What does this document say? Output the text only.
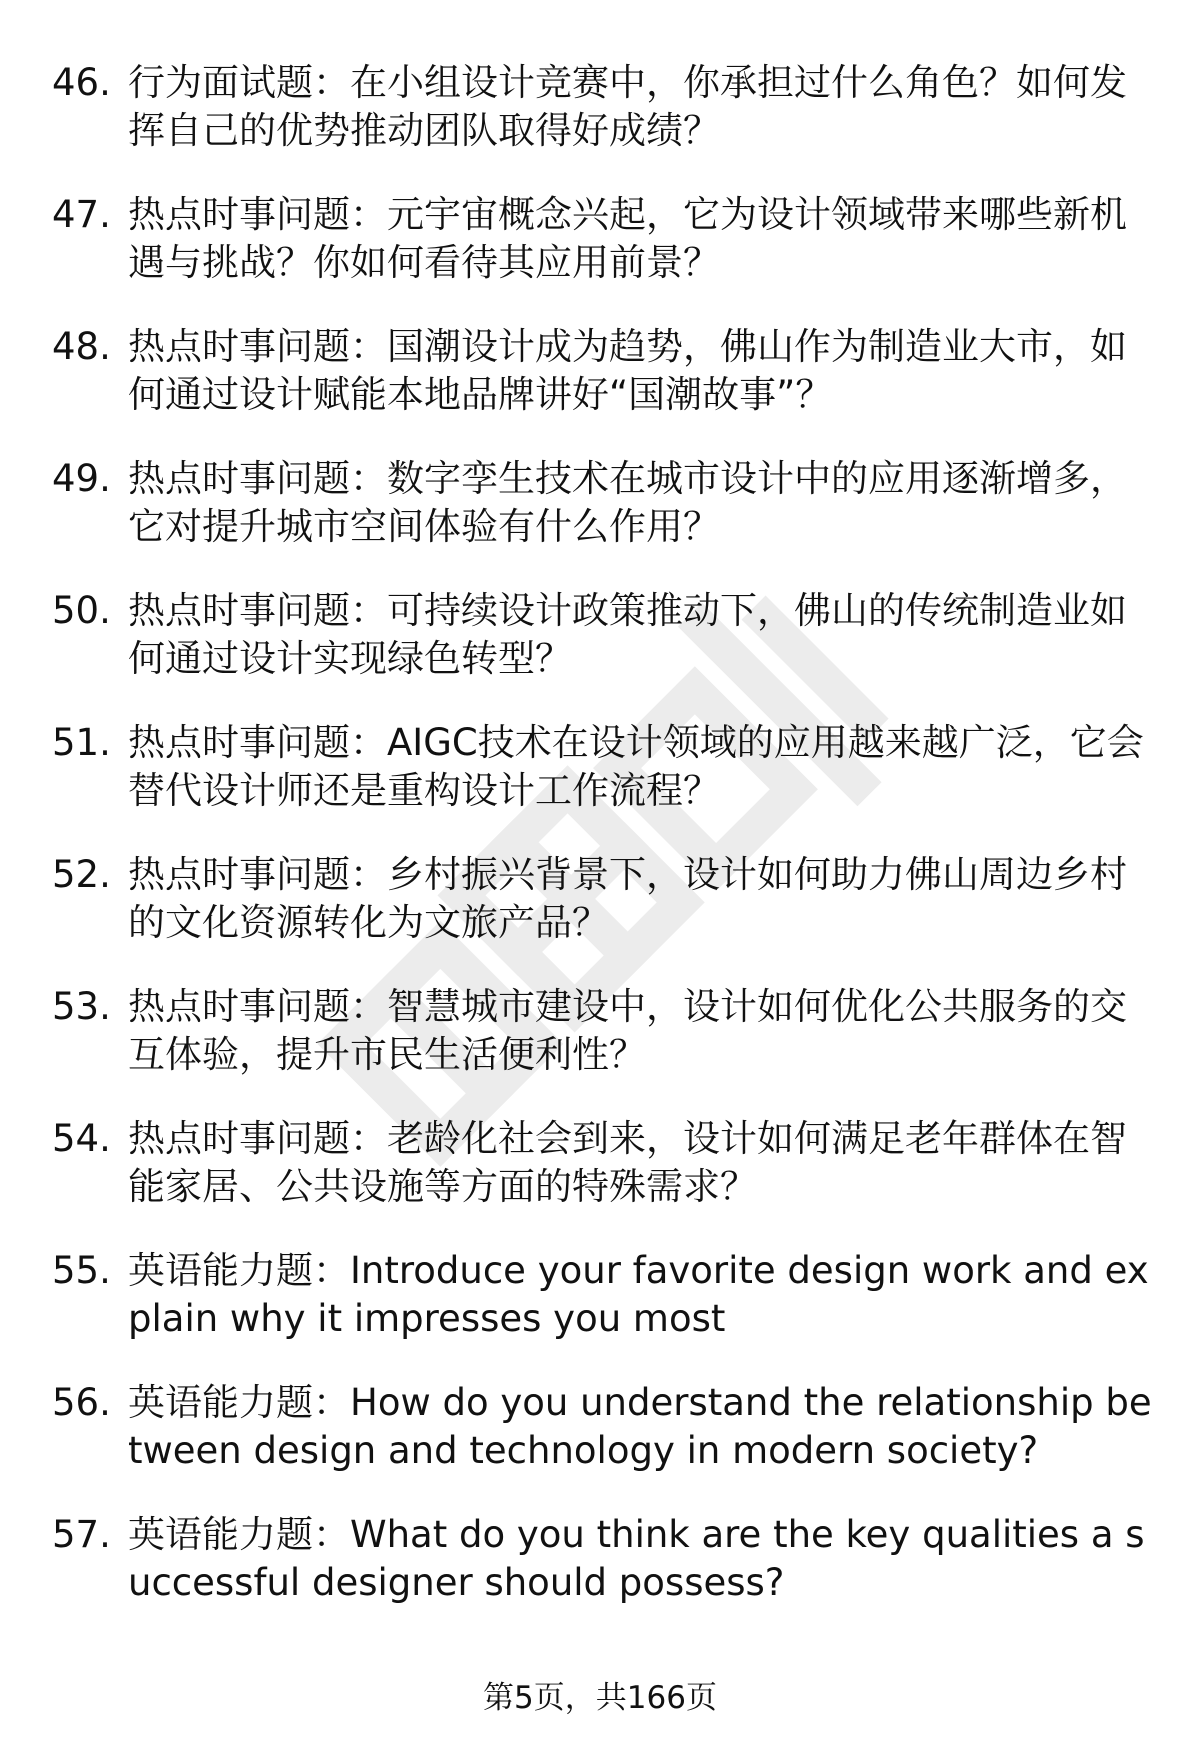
46. 行为面试题：在小组设计竞赛中，你承担过什么角色？如何发挥自己的优势推动团队取得好成绩？
47. 热点时事问题：元宇宙概念兴起，它为设计领域带来哪些新机遇与挑战？你如何看待其应用前景？
48. 热点时事问题：国潮设计成为趋势，佛山作为制造业大市，如何通过设计赋能本地品牌讲好“国潮故事”？
49. 热点时事问题：数字孪生技术在城市设计中的应用逐渐增多，它对提升城市空间体验有什么作用？
50. 热点时事问题：可持续设计政策推动下，佛山的传统制造业如何通过设计实现绿色转型？
51. 热点时事问题：AIGC技术在设计领域的应用越来越广泛，它会替代设计师还是重构设计工作流程？
52. 热点时事问题：乡村振兴背景下，设计如何助力佛山周边乡村的文化资源转化为文旅产品？
53. 热点时事问题：智慧城市建设中，设计如何优化公共服务的交互体验，提升市民生活便利性？
54. 热点时事问题：老龄化社会到来，设计如何满足老年群体在智能家居、公共设施等方面的特殊需求？
55. 英语能力题：Introduce your favorite design work and explain why it impresses you most
56. 英语能力题：How do you understand the relationship between design and technology in modern society?
57. 英语能力题：What do you think are the key qualities a successful designer should possess?
第5页，共166页
